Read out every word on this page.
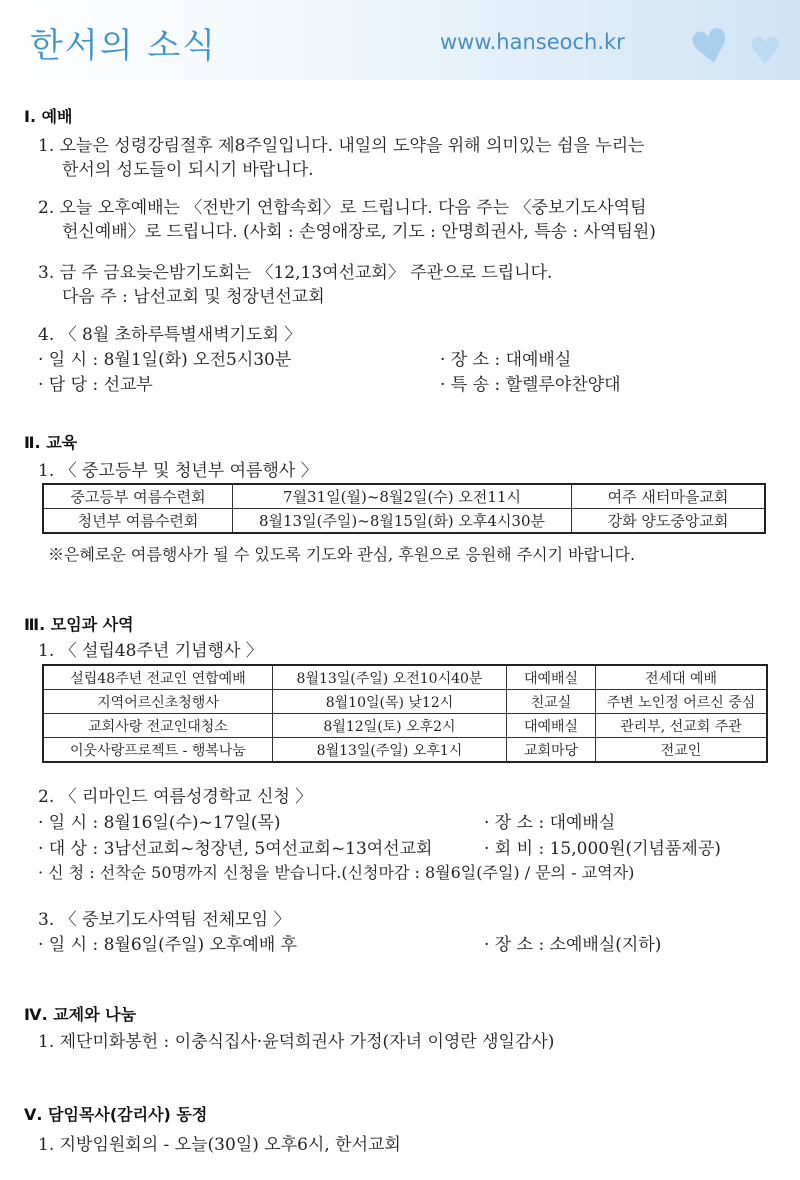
한서의 소식	www.hanseoch.kr ♥ ♥
Ⅰ. 예배
1. 오늘은 성령강림절후 제8주일입니다. 내일의 도약을 위해 의미있는 쉼을 누리는
한서의 성도들이 되시기 바랍니다.
2. 오늘 오후예배는 〈전반기 연합속회〉로 드립니다. 다음 주는 〈중보기도사역팀
헌신예배〉로 드립니다. (사회 : 손영애장로, 기도 : 안명희권사, 특송 : 사역팀원)
3. 금 주 금요늦은밤기도회는 〈12,13여선교회〉 주관으로 드립니다.
다음 주 : 남선교회 및 청장년선교회
4. 〈 8월 초하루특별새벽기도회 〉
· 일 시 : 8월1일(화) 오전5시30분	· 장 소 : 대예배실
· 담 당 : 선교부	· 특 송 : 할렐루야찬양대
Ⅱ. 교육
1. 〈 중고등부 및 청년부 여름행사 〉
중고등부 여름수련회	7월31일(월)~8월2일(수) 오전11시	여주 새터마을교회
청년부 여름수련회	8월13일(주일)~8월15일(화) 오후4시30분	강화 양도중앙교회
※은혜로운 여름행사가 될 수 있도록 기도와 관심, 후원으로 응원해 주시기 바랍니다.
Ⅲ. 모임과 사역
1. 〈 설립48주년 기념행사 〉
설립48주년 전교인 연합예배	8월13일(주일) 오전10시40분	대예배실	전세대 예배
지역어르신초청행사	8월10일(목) 낮12시	친교실	주변 노인정 어르신 중심
교회사랑 전교인대청소	8월12일(토) 오후2시	대예배실	관리부, 선교회 주관
이웃사랑프로젝트 - 행복나눔	8월13일(주일) 오후1시	교회마당	전교인
2. 〈 리마인드 여름성경학교 신청 〉
· 일 시 : 8월16일(수)~17일(목)	· 장 소 : 대예배실
· 대 상 : 3남선교회~청장년, 5여선교회~13여선교회	· 회 비 : 15,000원(기념품제공)
· 신 청 : 선착순 50명까지 신청을 받습니다.(신청마감 : 8월6일(주일) / 문의 - 교역자)
3. 〈 중보기도사역팀 전체모임 〉
· 일 시 : 8월6일(주일) 오후예배 후	· 장 소 : 소예배실(지하)
Ⅳ. 교제와 나눔
1. 제단미화봉헌 : 이충식집사·윤덕희권사 가정(자녀 이영란 생일감사)
Ⅴ. 담임목사(감리사) 동정
1. 지방임원회의 - 오늘(30일) 오후6시, 한서교회
